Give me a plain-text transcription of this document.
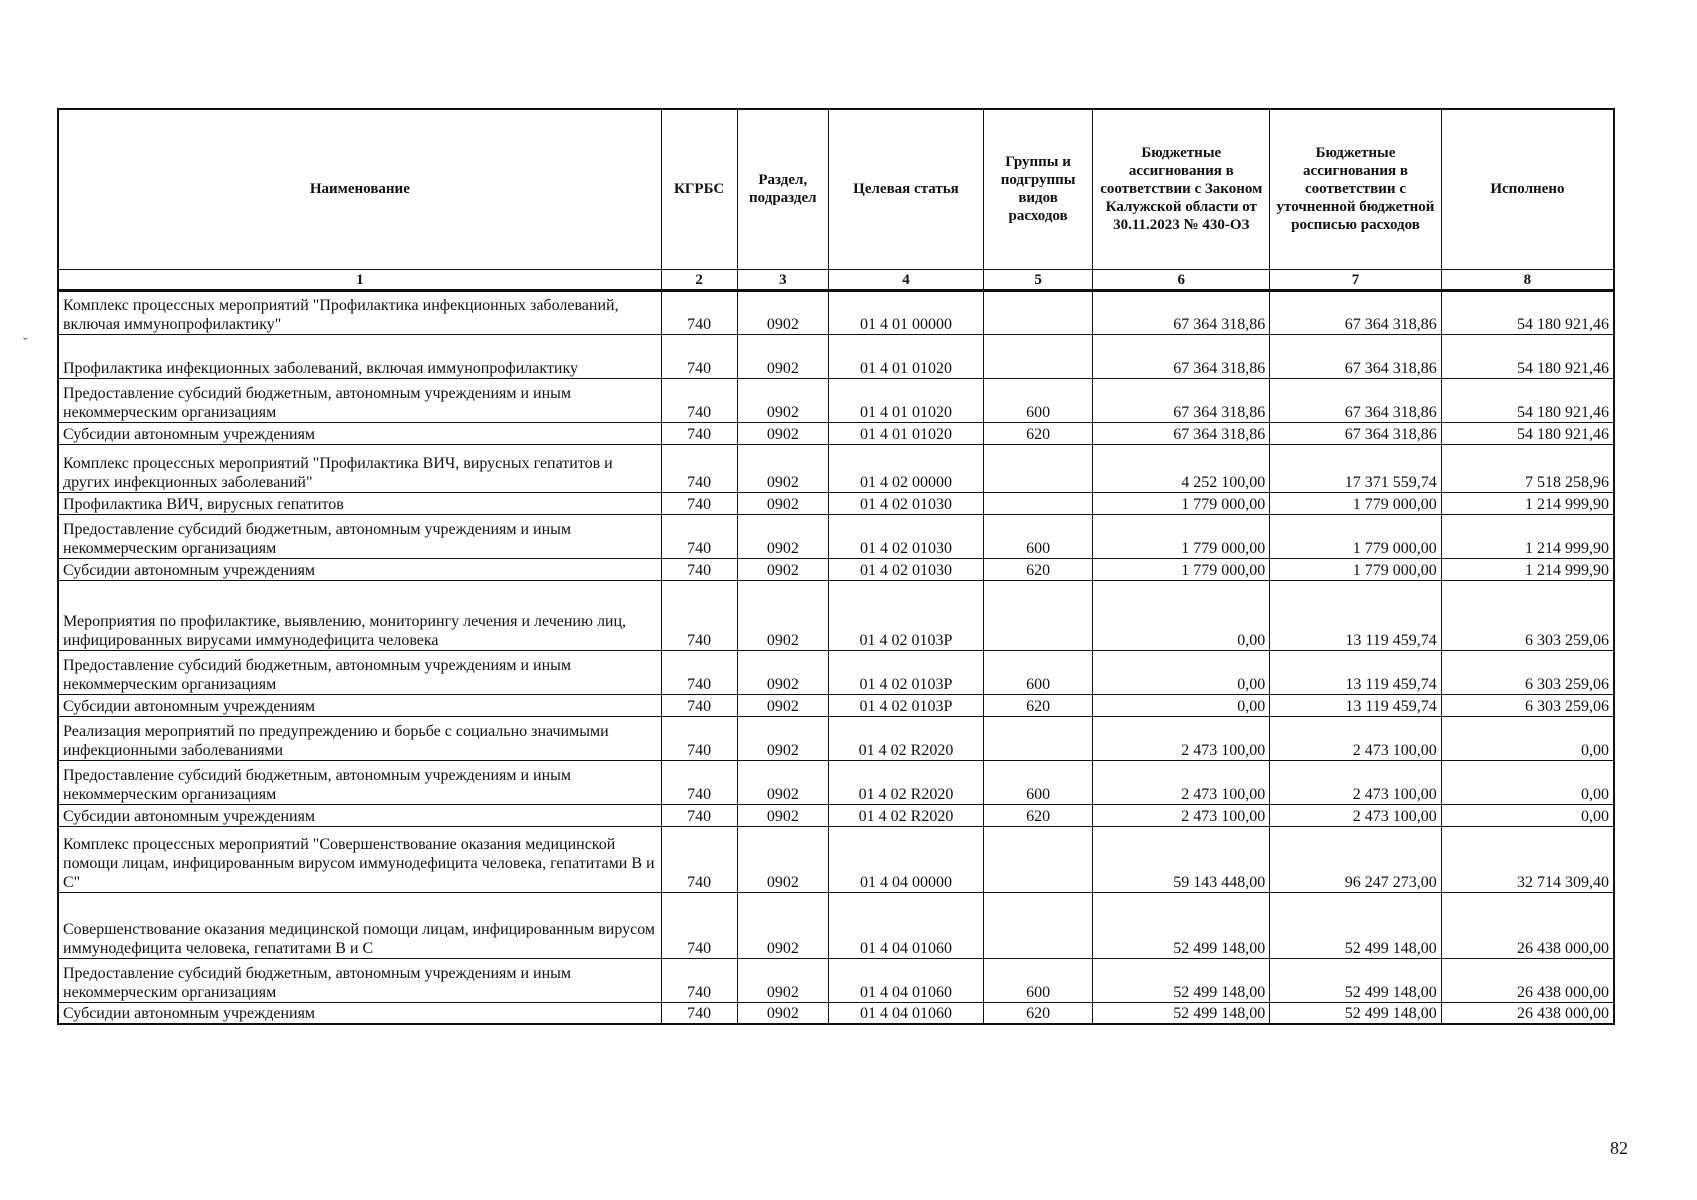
ˇ
Наименование	КГРБС	Раздел, подраздел	Целевая статья	Группы и подгруппы видов расходов	Бюджетные ассигнования в соответствии с Законом Калужской области от 30.11.2023 № 430-ОЗ	Бюджетные ассигнования в соответствии с уточненной бюджетной росписью расходов	Исполнено
1	2	3	4	5	6	7	8
Комплекс процессных мероприятий "Профилактика инфекционных заболеваний, включая иммунопрофилактику"	740	0902	01 4 01 00000		67 364 318,86	67 364 318,86	54 180 921,46
Профилактика инфекционных заболеваний, включая иммунопрофилактику	740	0902	01 4 01 01020		67 364 318,86	67 364 318,86	54 180 921,46
Предоставление субсидий бюджетным, автономным учреждениям и иным некоммерческим организациям	740	0902	01 4 01 01020	600	67 364 318,86	67 364 318,86	54 180 921,46
Субсидии автономным учреждениям	740	0902	01 4 01 01020	620	67 364 318,86	67 364 318,86	54 180 921,46
Комплекс процессных мероприятий "Профилактика ВИЧ, вирусных гепатитов и других инфекционных заболеваний"	740	0902	01 4 02 00000		4 252 100,00	17 371 559,74	7 518 258,96
Профилактика ВИЧ, вирусных гепатитов	740	0902	01 4 02 01030		1 779 000,00	1 779 000,00	1 214 999,90
Предоставление субсидий бюджетным, автономным учреждениям и иным некоммерческим организациям	740	0902	01 4 02 01030	600	1 779 000,00	1 779 000,00	1 214 999,90
Субсидии автономным учреждениям	740	0902	01 4 02 01030	620	1 779 000,00	1 779 000,00	1 214 999,90
Мероприятия по профилактике, выявлению, мониторингу лечения и лечению лиц, инфицированных вирусами иммунодефицита человека	740	0902	01 4 02 0103Р		0,00	13 119 459,74	6 303 259,06
Предоставление субсидий бюджетным, автономным учреждениям и иным некоммерческим организациям	740	0902	01 4 02 0103Р	600	0,00	13 119 459,74	6 303 259,06
Субсидии автономным учреждениям	740	0902	01 4 02 0103Р	620	0,00	13 119 459,74	6 303 259,06
Реализация мероприятий по предупреждению и борьбе с социально значимыми инфекционными заболеваниями	740	0902	01 4 02 R2020		2 473 100,00	2 473 100,00	0,00
Предоставление субсидий бюджетным, автономным учреждениям и иным некоммерческим организациям	740	0902	01 4 02 R2020	600	2 473 100,00	2 473 100,00	0,00
Субсидии автономным учреждениям	740	0902	01 4 02 R2020	620	2 473 100,00	2 473 100,00	0,00
Комплекс процессных мероприятий "Совершенствование оказания медицинской помощи лицам, инфицированным вирусом иммунодефицита человека, гепатитами В и С"	740	0902	01 4 04 00000		59 143 448,00	96 247 273,00	32 714 309,40
Совершенствование оказания медицинской помощи лицам, инфицированным вирусом иммунодефицита человека, гепатитами В и С	740	0902	01 4 04 01060		52 499 148,00	52 499 148,00	26 438 000,00
Предоставление субсидий бюджетным, автономным учреждениям и иным некоммерческим организациям	740	0902	01 4 04 01060	600	52 499 148,00	52 499 148,00	26 438 000,00
Субсидии автономным учреждениям	740	0902	01 4 04 01060	620	52 499 148,00	52 499 148,00	26 438 000,00
82
